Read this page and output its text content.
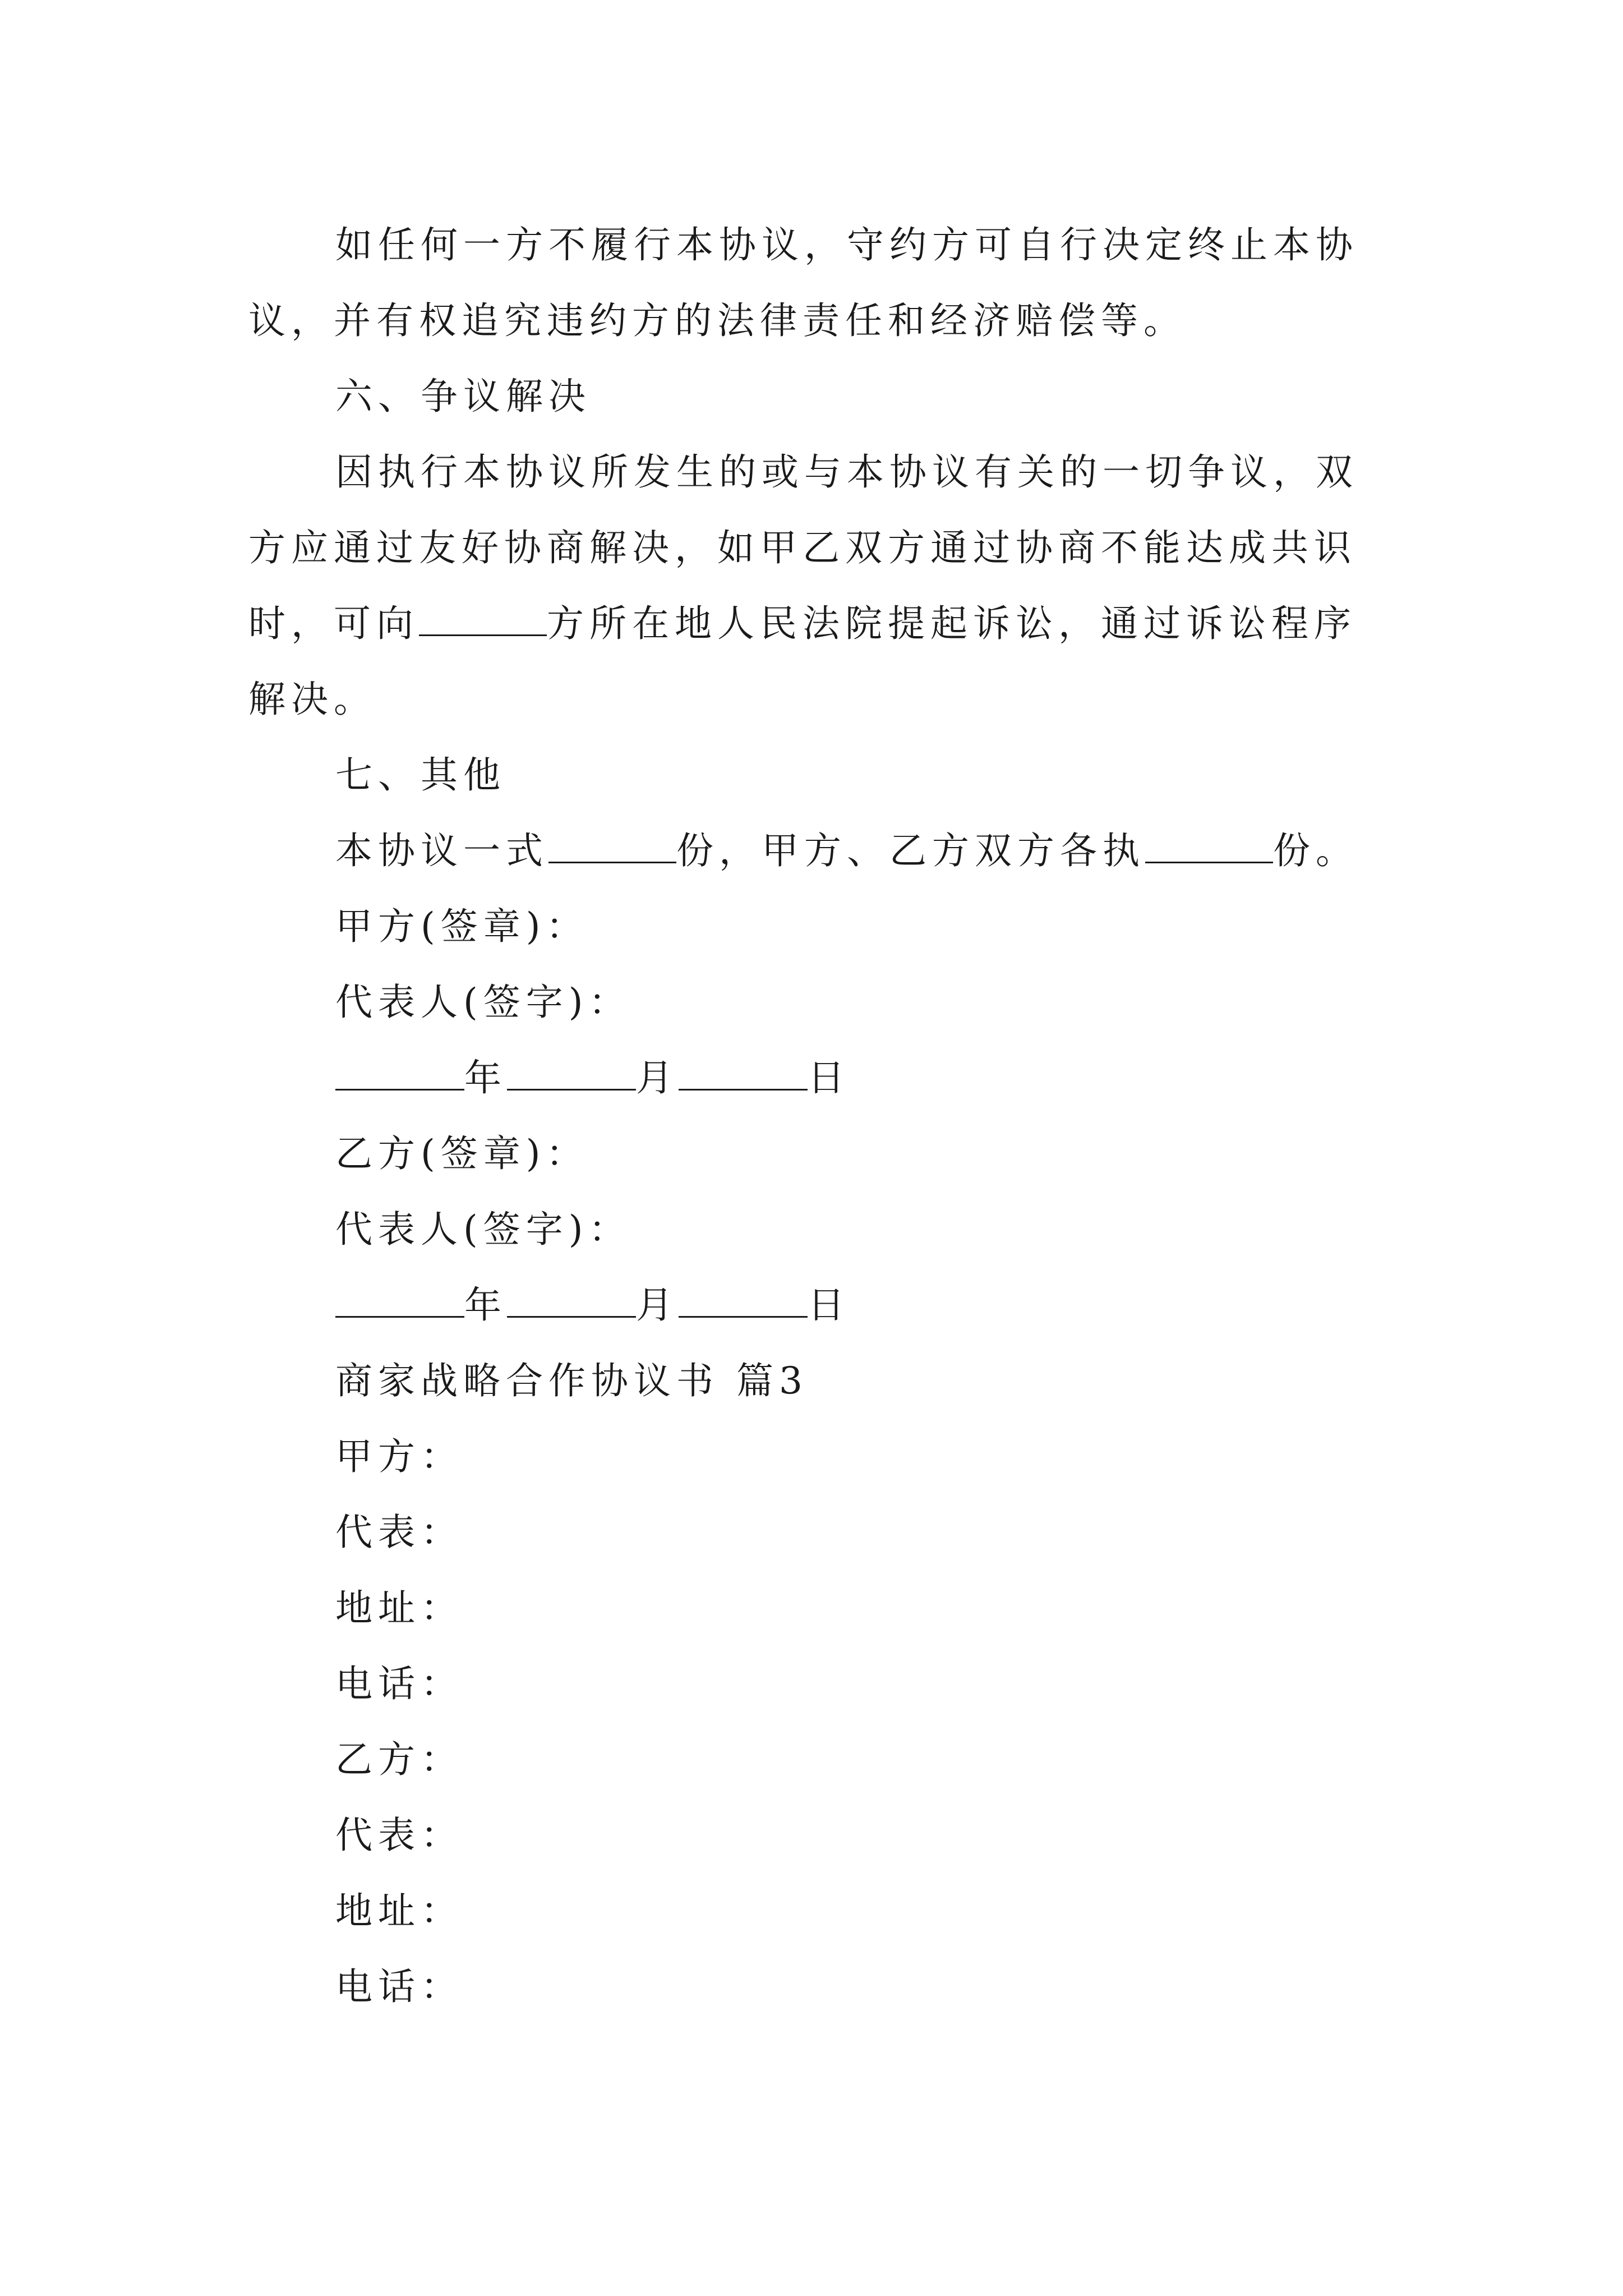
如任何一方不履行本协议，守约方可自行决定终止本协
议，并有权追究违约方的法律责任和经济赔偿等。
六、争议解决
因执行本协议所发生的或与本协议有关的一切争议，双
方应通过友好协商解决，如甲乙双方通过协商不能达成共识
时，可向	方所在地人民法院提起诉讼，通过诉讼程序
解决。
七、其他
本协议一式	份，甲方、乙方双方各执	份。
甲方(签章)：
代表人(签字)：
年	月	日
乙方(签章)：
代表人(签字)：
年	月	日
商家战略合作协议书 篇3
甲方：
代表：
地址：
电话：
乙方：
代表：
地址：
电话：
